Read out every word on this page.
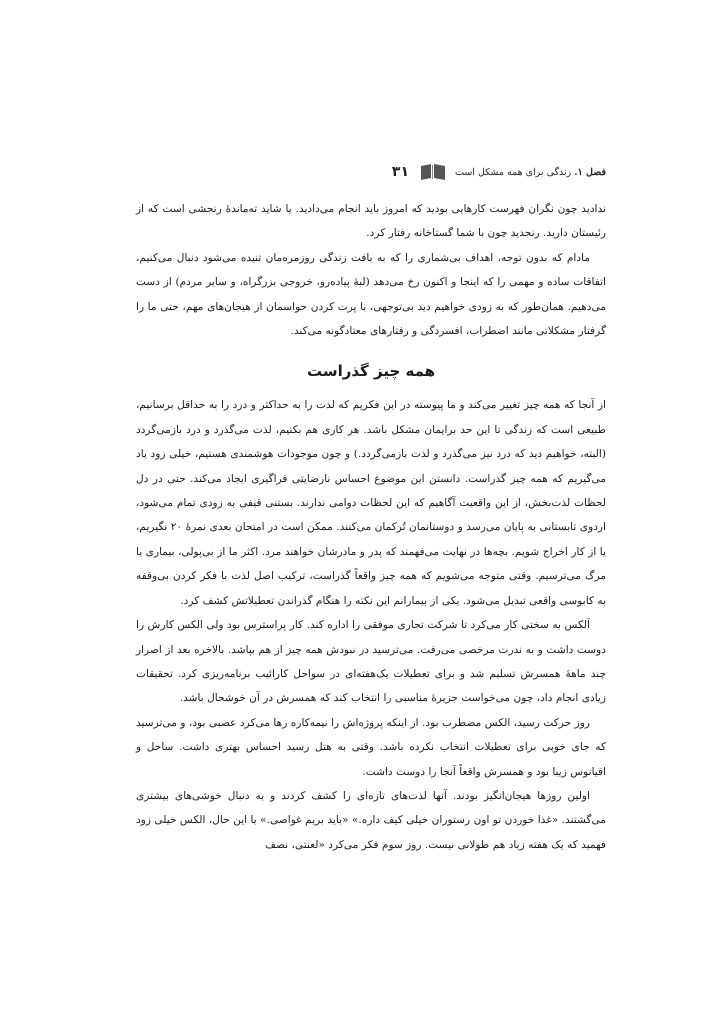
فصل ۱. زندگی برای همه مشکل است
۳۱

ندادید چون نگران فهرست کارهایی بودید که امروز باید انجام می‌دادید. یا شاید تەماندۀ رنجشی است که از رئیستان دارید. رنجدید چون با شما گستاخانه رفتار کرد.

مادام که بدون توجه، اهداف بی‌شماری را که به بافت زندگی روزمره‌مان تنیده می‌شود دنبال می‌کنیم، اتفاقات ساده و مهمی را که اینجا و اکنون رخ می‌دهد (لبۀ پیاده‌رو، خروجی بزرگراه، و سایر مردم) از دست می‌دهیم. همان‌طور که به زودی خواهیم دید بی‌توجهی، با پرت کردن حواسمان از هیجان‌های مهم، حتی ما را گرفتار مشکلاتی مانند اضطراب، افسردگی و رفتارهای معتادگونه می‌کند.

همه چیز گذراست

از آنجا که همه چیز تغییر می‌کند و ما پیوسته در این فکریم که لذت را به حداکثر و درد را به حداقل برسانیم، طبیعی است که زندگی تا این حد برایمان مشکل باشد. هر کاری هم بکنیم، لذت می‌گذرد و درد بازمی‌گردد (البته، خواهیم دید که درد نیز می‌گذرد و لذت بازمی‌گردد.) و چون موجودات هوشمندی هستیم، خیلی زود یاد می‌گیریم که همه چیز گذراست. دانستن این موضوع احساس نارضایتی فراگیری ایجاد می‌کند. حتی در دل لحظات لذت‌بخش، از این واقعیت آگاهیم که این لحظات دوامی ندارند. بستنی قیفی به زودی تمام می‌شود، اردوی تابستانی به پایان می‌رسد و دوستانمان تُرکمان می‌کنند. ممکن است در امتحان بعدی نمرۀ ۲۰ نگیریم، یا از کار اخراج شویم. بچه‌ها در نهایت می‌فهمند که پدر و مادرشان خواهند مرد. اکثر ما از بی‌پولی، بیماری یا مرگ می‌ترسیم. وقتی متوجه می‌شویم که همه چیز واقعاً گذراست، ترکیب اصل لذت با فکر کردن بی‌وقفه به کابوسی واقعی تبدیل می‌شود. یکی از بیمارانم این نکته را هنگام گذراندن تعطیلاتش کشف کرد.

اَلکس به سختی کار می‌کرد تا شرکت تجاری موفقی را اداره کند. کار پراسترس بود ولی الکس کارش را دوست داشت و به ندرت مرخصی می‌رفت. می‌ترسید در نبودش همه چیز از هم بپاشد. بالاخره بعد از اصرار چند ماهۀ همسرش تسلیم شد و برای تعطیلات یک‌هفته‌ای در سواحل کارائیب برنامه‌ریزی کرد. تحقیقات زیادی انجام داد، چون می‌خواست جزیرۀ مناسبی را انتخاب کند که همسرش در آن خوشحال باشد.

روز حرکت رسید، الکس مضطرب بود. از اینکه پروژه‌اش را نیمه‌کاره رها می‌کرد عصبی بود، و می‌ترسید که جای خوبی برای تعطیلات انتخاب نکرده باشد. وقتی به هتل رسید احساس بهتری داشت. ساحل و اقیانوس زیبا بود و همسرش واقعاً آنجا را دوست داشت.

اولین روزها هیجان‌انگیز بودند. آنها لذت‌های تازه‌ای را کشف کردند و به دنبال خوشی‌های بیشتری می‌گشتند. «غذا خوردن تو اون رستوران خیلی کیف داره.» «باید بریم غواصی.» با این حال، الکس خیلی زود فهمید که یک هفته زیاد هم طولانی نیست. روز سوم فکر می‌کرد «لعنتی، نصف
